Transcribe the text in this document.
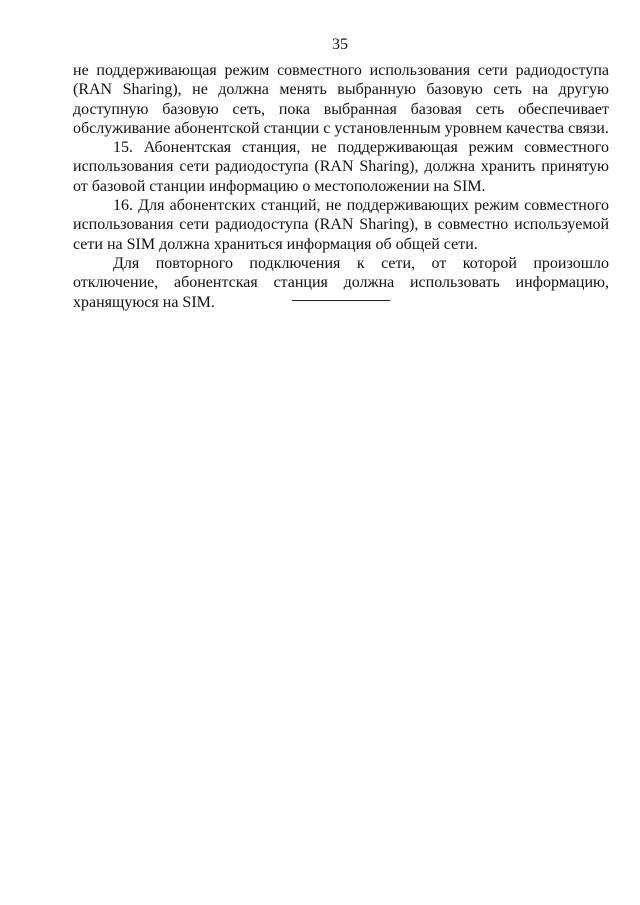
35

не поддерживающая режим совместного использования сети радиодоступа (RAN Sharing), не должна менять выбранную базовую сеть на другую доступную базовую сеть, пока выбранная базовая сеть обеспечивает обслуживание абонентской станции с установленным уровнем качества связи.

15. Абонентская станция, не поддерживающая режим совместного использования сети радиодоступа (RAN Sharing), должна хранить принятую от базовой станции информацию о местоположении на SIM.

16. Для абонентских станций, не поддерживающих режим совместного использования сети радиодоступа (RAN Sharing), в совместно используемой сети на SIM должна храниться информация об общей сети.

Для повторного подключения к сети, от которой произошло отключение, абонентская станция должна использовать информацию, хранящуюся на SIM.
